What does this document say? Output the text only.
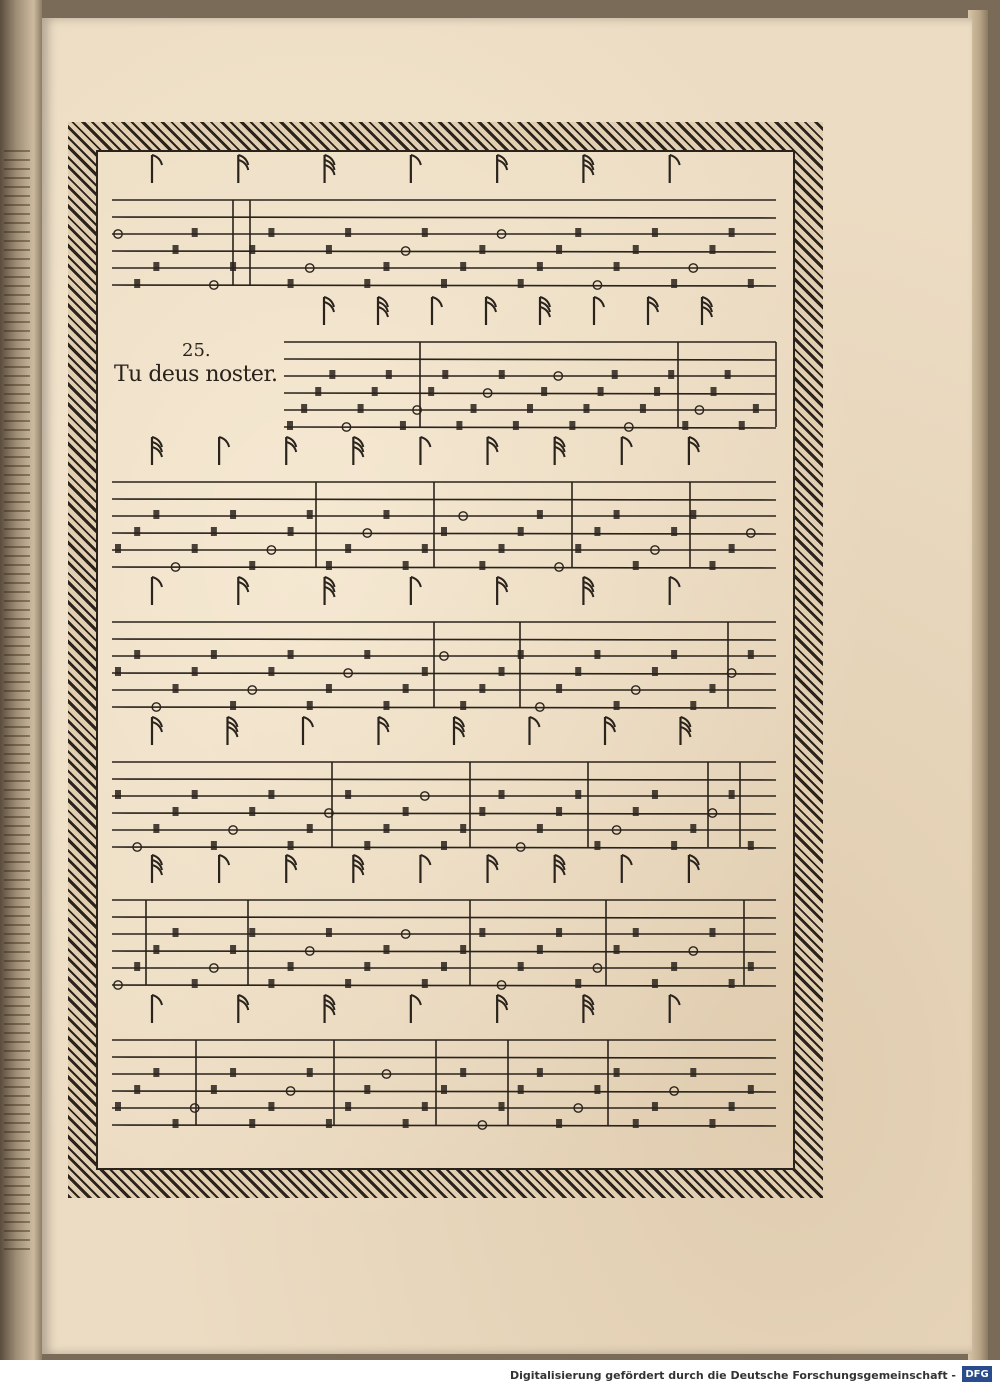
25.
Tu deus noster.
Digitalisierung gefördert durch die Deutsche Forschungsgemeinschaft - DFG
